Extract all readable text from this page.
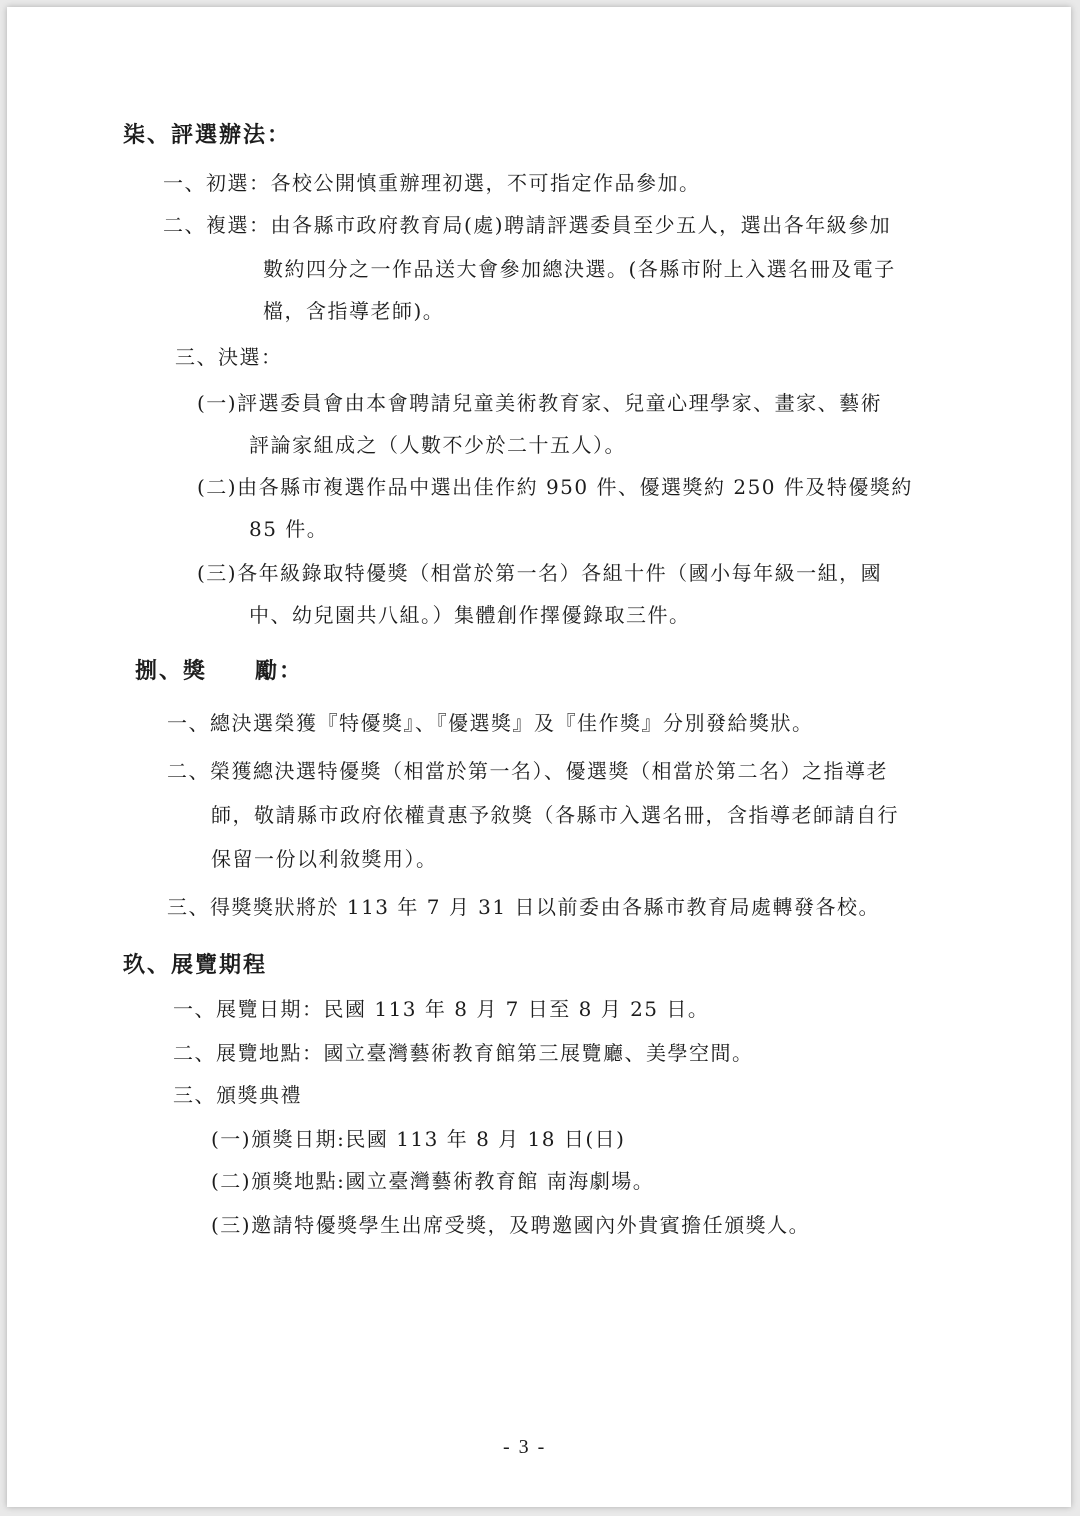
柒、評選辦法：
一、初選：各校公開慎重辦理初選，不可指定作品參加。
二、複選：由各縣市政府教育局(處)聘請評選委員至少五人，選出各年級參加
數約四分之一作品送大會參加總決選。(各縣市附上入選名冊及電子
檔，含指導老師)。
三、決選：
(一)評選委員會由本會聘請兒童美術教育家、兒童心理學家、畫家、藝術
評論家組成之（人數不少於二十五人）。
(二)由各縣市複選作品中選出佳作約 950 件、優選獎約 250 件及特優獎約
85 件。
(三)各年級錄取特優獎（相當於第一名）各組十件（國小每年級一組，國
中、幼兒園共八組。）集體創作擇優錄取三件。
捌、獎　　勵：
一、總決選榮獲『特優獎』、『優選獎』及『佳作獎』分別發給獎狀。
二、榮獲總決選特優獎（相當於第一名）、優選獎（相當於第二名）之指導老
師，敬請縣市政府依權責惠予敘獎（各縣市入選名冊，含指導老師請自行
保留一份以利敘獎用）。
三、得獎獎狀將於 113 年 7 月 31 日以前委由各縣市教育局處轉發各校。
玖、展覽期程
一、展覽日期：民國 113 年 8 月 7 日至 8 月 25 日。
二、展覽地點：國立臺灣藝術教育館第三展覽廳、美學空間。
三、頒獎典禮
(一)頒獎日期:民國 113 年 8 月 18 日(日)
(二)頒獎地點:國立臺灣藝術教育館 南海劇場。
(三)邀請特優獎學生出席受獎，及聘邀國內外貴賓擔任頒獎人。
- 3 -
